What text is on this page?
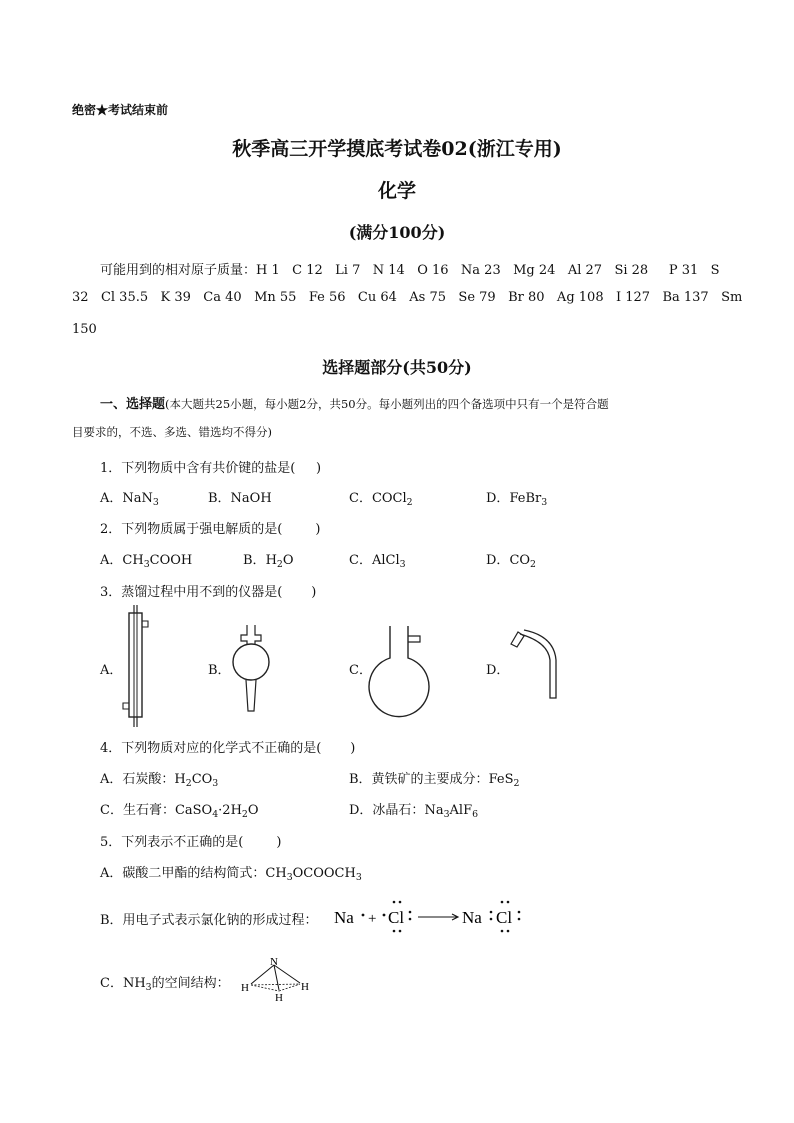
绝密★考试结束前
秋季高三开学摸底考试卷02(浙江专用)
化学
(满分100分)
可能用到的相对原子质量：H 1   C 12   Li 7   N 14   O 16   Na 23   Mg 24   Al 27   Si 28     P 31   S
32   Cl 35.5   K 39   Ca 40   Mn 55   Fe 56   Cu 64   As 75   Se 79   Br 80   Ag 108   I 127   Ba 137   Sm
150
选择题部分(共50分)
一、选择题(本大题共25小题，每小题2分，共50分。每小题列出的四个备选项中只有一个是符合题
目要求的，不选、多选、错选均不得分)
1．下列物质中含有共价键的盐是(     )
A．NaN$_3$	B．NaOH	C．COCl$_2$	D．FeBr$_3$
2．下列物质属于强电解质的是(        )
A．$CH_3COOH$	B．$H_2O$	C．AlCl$_3$	D．$CO_2$
3．蒸馏过程中用不到的仪器是(       )
A．	B．	C．	D．
4．下列物质对应的化学式不正确的是(       )
A．石炭酸：$H_2CO_3$	B．黄铁矿的主要成分：FeS$_2$
C．生石膏：$CaSO_4\cdot 2H_2O$	D．冰晶石：$Na_3AlF_6$
5．下列表示不正确的是(        )
A．碳酸二甲酯的结构简式：$CH_3OCOOCH_3$
B．用电子式表示氯化钠的形成过程： Na + Cl	Na Cl
C．$NH_3$的空间结构：
N
H
H
H
